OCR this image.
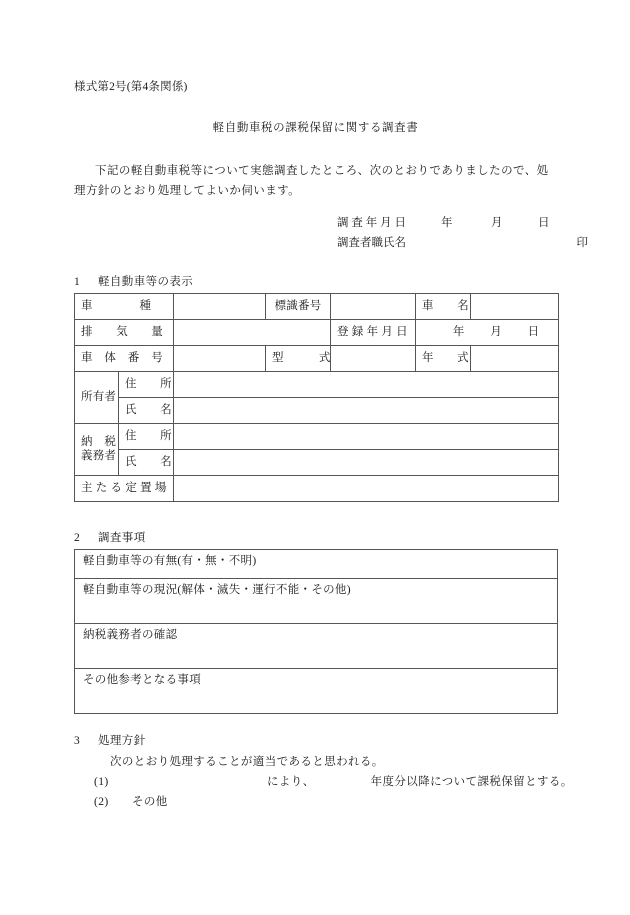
様式第2号(第4条関係)
軽自動車税の課税保留に関する調査書
下記の軽自動車税等について実態調査したところ、次のとおりでありましたので、処理方針のとおり処理してよいか伺います。
調 査 年 月 日	年	月	日
調査者職氏名	印
1 軽自動車等の表示
車　　　　種			標識番号		車　　名	

排　　気　　量				登 録 年 月 日	年 月 日	

車　体　番　号			型　　　式		年　　式	

所有者	住　　所					

氏　　名					

納　税
義務者	住　　所					

氏　　名					

主 た る 定 置 場						

2 調査事項
軽自動車等の有無(有・無・不明)
軽自動車等の現況(解体・滅失・運行不能・その他)
納税義務者の確認
その他参考となる事項
3 処理方針
次のとおり処理することが適当であると思われる。
(1)	により、	年度分以降について課税保留とする。
(2) その他
